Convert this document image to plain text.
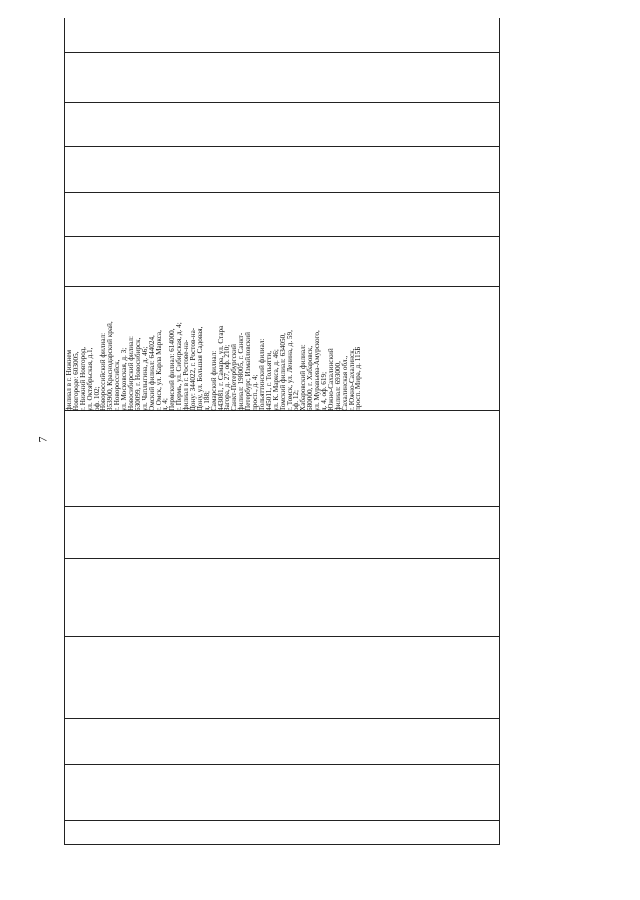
7
филиал в г. Нижнем
Новгороде: 603005,
г. Нижний Новгород,
ул. Октябрьская, д.1,
оф. 102;
Новороссийский филиал:
353900, Краснодарский край,
г. Новороссийск,
ул. Московская, д. 3;
Новосибирский филиал:
630099, г. Новосибирск,
ул. Чаплыгина, д. 46;
Омский филиал: 644024,
г. Омск, ул. Карла Маркса,
д. 4;
Пермский филиал: 614000,
г. Пермь, ул. Сибирская, д. 4;
филиал в г. Ростове-на-
Дону: 344022, г. Ростов-на-
Дону, ул. Большая Садовая,
д. 188;
Самарский филиал:
443081, г. Самара, ул. Стара
Загора, д. 27, оф. 210;
Санкт-Петербургский
филиал: 198005, г. Санкт-
Петербург, Измайловский
просп., д. 4;
Тольяттинский филиал:
445011, г. Тольятти,
ул. К. Маркса, д. 46;
Томский филиал: 634050,
г. Томск, ул. Ленина, д. 59,
оф. 12;
Хабаровский филиал:
680000, г. Хабаровск,
ул. Муравьева-Амурского,
д. 4, оф. 619;
Южно-Сахалинский
филиал: 693000,
Сахалинская обл.,
г. Южно-Сахалинск,
просп. Мира, д. 115Б
